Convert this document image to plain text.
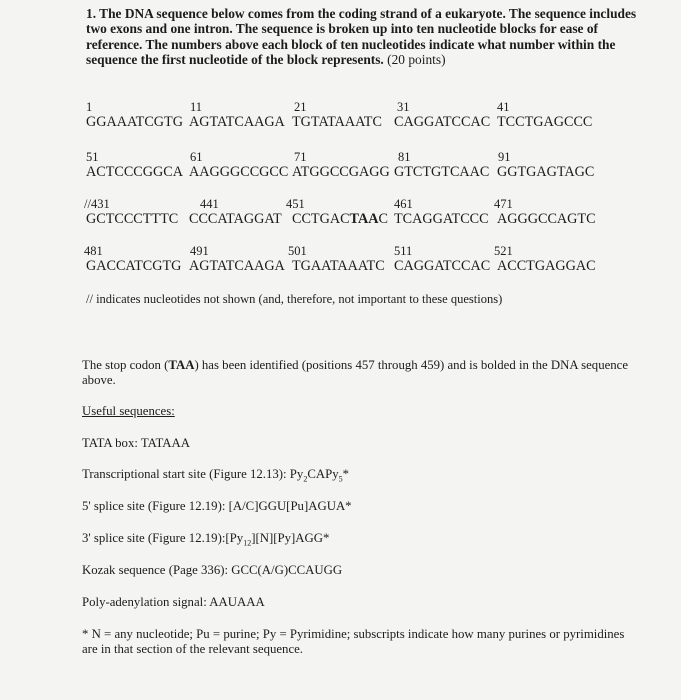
1. The DNA sequence below comes from the coding strand of a eukaryote. The sequence includes two exons and one intron. The sequence is broken up into ten nucleotide blocks for ease of reference. The numbers above each block of ten nucleotides indicate what number within the sequence the first nucleotide of the block represents. (20 points)

1	11	21	31	41
GGAAATCGTG AGTATCAAGA TGTATAAATC CAGGATCCAC TCCTGAGCCC
51	61	71	81	91
ACTCCCGGCA AAGGGCCGCC ATGGCCGAGG GTCTGTCAAC GGTGAGTAGC
//431	441	451	461	471
GCTCCCTTTC CCCATAGGAT CCTGACTAAC TCAGGATCCC AGGGCCAGTC
481	491	501	511	521
GACCATCGTG AGTATCAAGA TGAATAAATC CAGGATCCAC ACCTGAGGAC
// indicates nucleotides not shown (and, therefore, not important to these questions)

The stop codon (TAA) has been identified (positions 457 through 459) and is bolded in the DNA sequence above.

Useful sequences:
TATA box: TATAAA
Transcriptional start site (Figure 12.13): $Py_2CAPy_5*$
5' splice site (Figure 12.19): [A/C]GGU[Pu]AGUA*
3' splice site (Figure $12.19):[Py_{12}][N][Py]AGG*$
Kozak sequence (Page 336): GCC(A/G)CCAUGG
Poly-adenylation signal: AAUAAA

* N = any nucleotide; Pu = purine; Py = Pyrimidine; subscripts indicate how many purines or pyrimidines are in that section of the relevant sequence.
